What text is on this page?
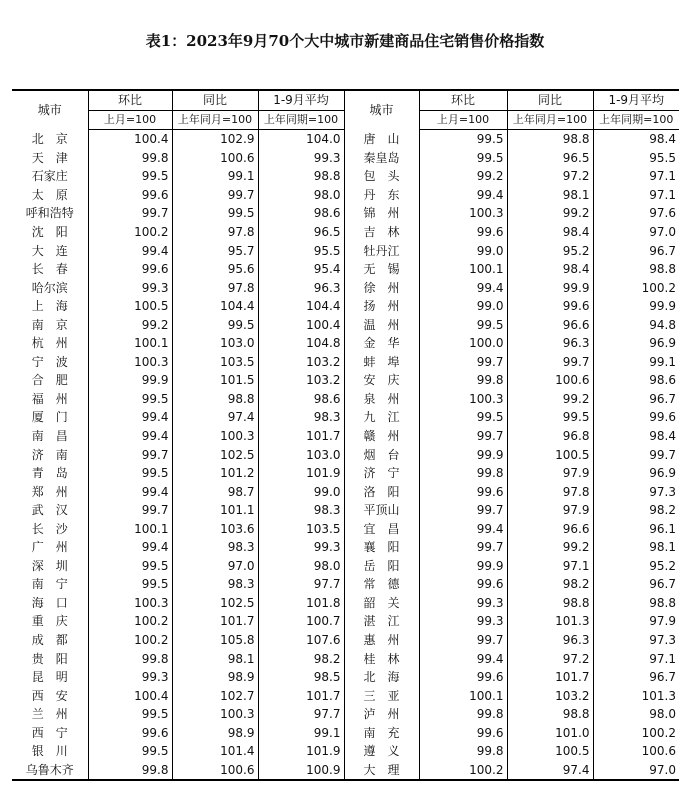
表1：2023年9月70个大中城市新建商品住宅销售价格指数
城市	环比	同比	1-9月平均	城市	环比	同比	1-9月平均
	上月=100	上年同月=100	上年同期=100		上月=100	上年同月=100	上年同期=100
北　京	100.4	102.9	104.0	唐　山	99.5	98.8	98.4
天　津	99.8	100.6	99.3	秦皇岛	99.5	96.5	95.5
石家庄	99.5	99.1	98.8	包　头	99.2	97.2	97.1
太　原	99.6	99.7	98.0	丹　东	99.4	98.1	97.1
呼和浩特	99.7	99.5	98.6	锦　州	100.3	99.2	97.6
沈　阳	100.2	97.8	96.5	吉　林	99.6	98.4	97.0
大　连	99.4	95.7	95.5	牡丹江	99.0	95.2	96.7
长　春	99.6	95.6	95.4	无　锡	100.1	98.4	98.8
哈尔滨	99.3	97.8	96.3	徐　州	99.4	99.9	100.2
上　海	100.5	104.4	104.4	扬　州	99.0	99.6	99.9
南　京	99.2	99.5	100.4	温　州	99.5	96.6	94.8
杭　州	100.1	103.0	104.8	金　华	100.0	96.3	96.9
宁　波	100.3	103.5	103.2	蚌　埠	99.7	99.7	99.1
合　肥	99.9	101.5	103.2	安　庆	99.8	100.6	98.6
福　州	99.5	98.8	98.6	泉　州	100.3	99.2	96.7
厦　门	99.4	97.4	98.3	九　江	99.5	99.5	99.6
南　昌	99.4	100.3	101.7	赣　州	99.7	96.8	98.4
济　南	99.7	102.5	103.0	烟　台	99.9	100.5	99.7
青　岛	99.5	101.2	101.9	济　宁	99.8	97.9	96.9
郑　州	99.4	98.7	99.0	洛　阳	99.6	97.8	97.3
武　汉	99.7	101.1	98.3	平顶山	99.7	97.9	98.2
长　沙	100.1	103.6	103.5	宜　昌	99.4	96.6	96.1
广　州	99.4	98.3	99.3	襄　阳	99.7	99.2	98.1
深　圳	99.5	97.0	98.0	岳　阳	99.9	97.1	95.2
南　宁	99.5	98.3	97.7	常　德	99.6	98.2	96.7
海　口	100.3	102.5	101.8	韶　关	99.3	98.8	98.8
重　庆	100.2	101.7	100.7	湛　江	99.3	101.3	97.9
成　都	100.2	105.8	107.6	惠　州	99.7	96.3	97.3
贵　阳	99.8	98.1	98.2	桂　林	99.4	97.2	97.1
昆　明	99.3	98.9	98.5	北　海	99.6	101.7	96.7
西　安	100.4	102.7	101.7	三　亚	100.1	103.2	101.3
兰　州	99.5	100.3	97.7	泸　州	99.8	98.8	98.0
西　宁	99.6	98.9	99.1	南　充	99.6	101.0	100.2
银　川	99.5	101.4	101.9	遵　义	99.8	100.5	100.6
乌鲁木齐	99.8	100.6	100.9	大　理	100.2	97.4	97.0
